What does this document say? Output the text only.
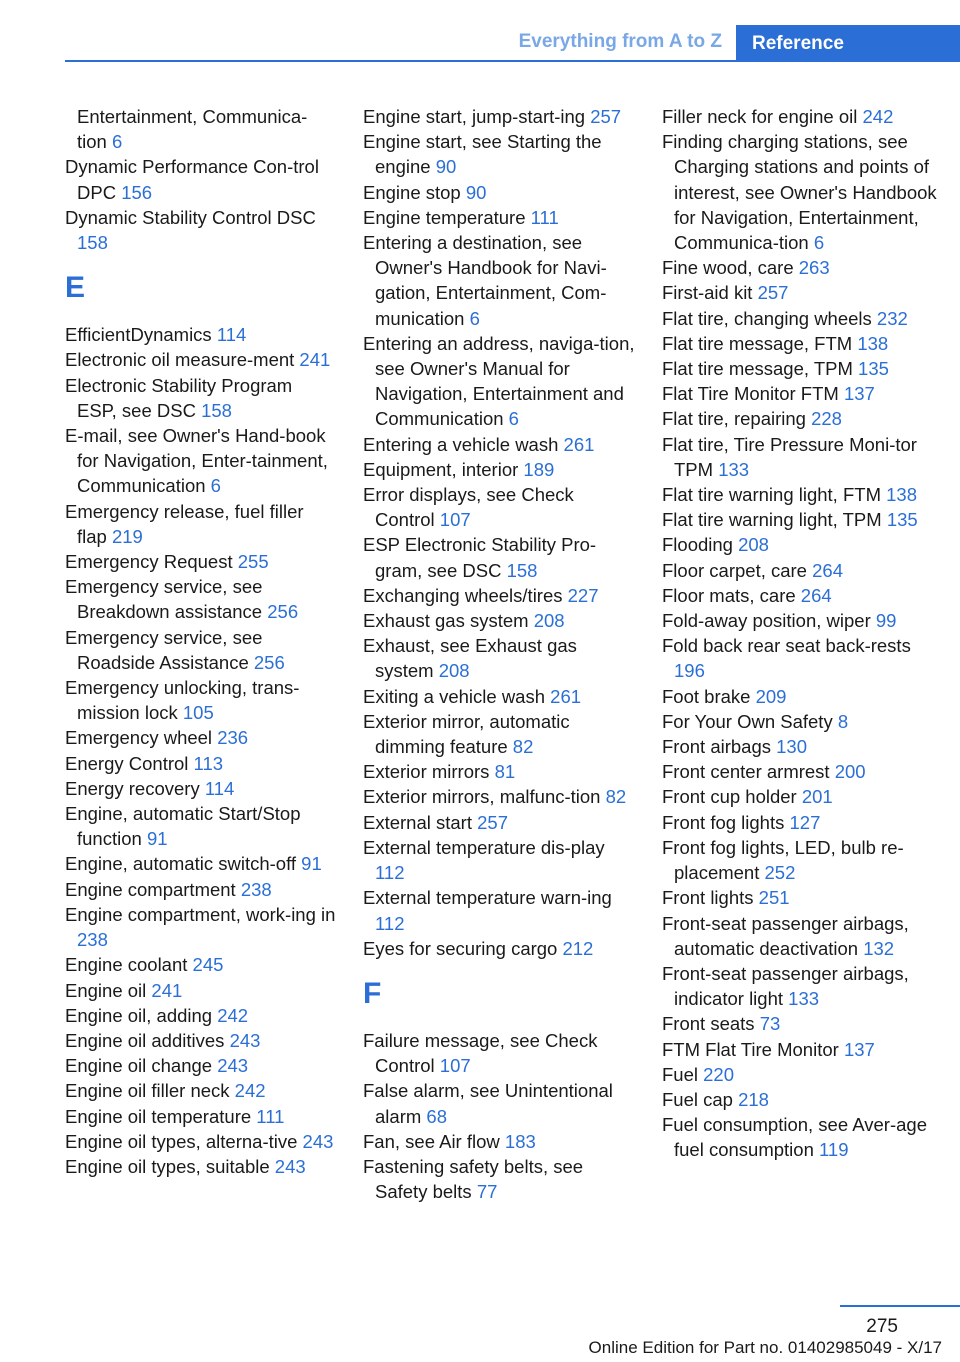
Everything from A to Z	Reference
Entertainment, Communica-tion 6
Dynamic Performance Con-trol DPC 156
Dynamic Stability Control DSC 158
E
EfficientDynamics 114
Electronic oil measure-ment 241
Electronic Stability Program ESP, see DSC 158
E-mail, see Owner's Hand-book for Navigation, Enter-tainment, Communication 6
Emergency release, fuel filler flap 219
Emergency Request 255
Emergency service, see Breakdown assistance 256
Emergency service, see Roadside Assistance 256
Emergency unlocking, trans-mission lock 105
Emergency wheel 236
Energy Control 113
Energy recovery 114
Engine, automatic Start/Stop function 91
Engine, automatic switch-off 91
Engine compartment 238
Engine compartment, work-ing in 238
Engine coolant 245
Engine oil 241
Engine oil, adding 242
Engine oil additives 243
Engine oil change 243
Engine oil filler neck 242
Engine oil temperature 111
Engine oil types, alterna-tive 243
Engine oil types, suitable 243
Engine start, jump-start-ing 257
Engine start, see Starting the engine 90
Engine stop 90
Engine temperature 111
Entering a destination, see Owner's Handbook for Navi-gation, Entertainment, Com-munication 6
Entering an address, naviga-tion, see Owner's Manual for Navigation, Entertainment and Communication 6
Entering a vehicle wash 261
Equipment, interior 189
Error displays, see Check Control 107
ESP Electronic Stability Pro-gram, see DSC 158
Exchanging wheels/tires 227
Exhaust gas system 208
Exhaust, see Exhaust gas system 208
Exiting a vehicle wash 261
Exterior mirror, automatic dimming feature 82
Exterior mirrors 81
Exterior mirrors, malfunc-tion 82
External start 257
External temperature dis-play 112
External temperature warn-ing 112
Eyes for securing cargo 212
F
Failure message, see Check Control 107
False alarm, see Unintentional alarm 68
Fan, see Air flow 183
Fastening safety belts, see Safety belts 77
Filler neck for engine oil 242
Finding charging stations, see Charging stations and points of interest, see Owner's Handbook for Navigation, Entertainment, Communica-tion 6
Fine wood, care 263
First-aid kit 257
Flat tire, changing wheels 232
Flat tire message, FTM 138
Flat tire message, TPM 135
Flat Tire Monitor FTM 137
Flat tire, repairing 228
Flat tire, Tire Pressure Moni-tor TPM 133
Flat tire warning light, FTM 138
Flat tire warning light, TPM 135
Flooding 208
Floor carpet, care 264
Floor mats, care 264
Fold-away position, wiper 99
Fold back rear seat back-rests 196
Foot brake 209
For Your Own Safety 8
Front airbags 130
Front center armrest 200
Front cup holder 201
Front fog lights 127
Front fog lights, LED, bulb re-placement 252
Front lights 251
Front-seat passenger airbags, automatic deactivation 132
Front-seat passenger airbags, indicator light 133
Front seats 73
FTM Flat Tire Monitor 137
Fuel 220
Fuel cap 218
Fuel consumption, see Aver-age fuel consumption 119
275
Online Edition for Part no. 01402985049 - X/17
